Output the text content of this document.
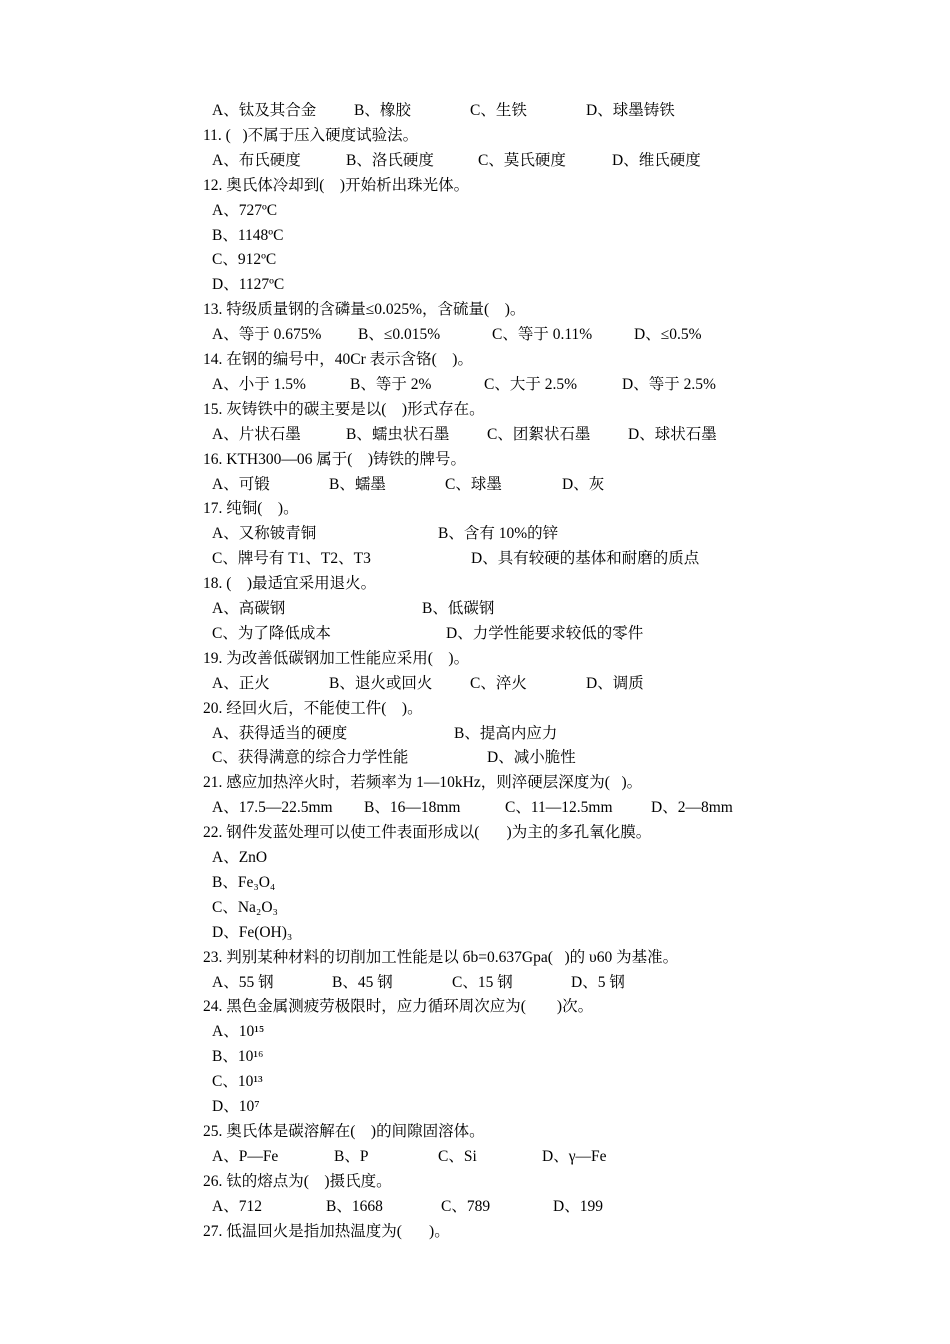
A、钛及其合金 B、橡胶	C、生铁	D、球墨铸铁
11. (   )不属于压入硬度试验法。
A、布氏硬度	B、洛氏硬度	C、莫氏硬度	D、维氏硬度
12. 奥氏体冷却到(    )开始析出珠光体。
A、727ºC
B、1148ºC
C、912ºC
D、1127ºC
13. 特级质量钢的含磷量≤0.025%，含硫量(    )。
A、等于 0.675% B、≤0.015%	C、等于 0.11%	D、≤0.5%
14. 在钢的编号中，40Cr 表示含铬(    )。
A、小于 1.5%	B、等于 2%	C、大于 2.5%	D、等于 2.5%
15. 灰铸铁中的碳主要是以(    )形式存在。
A、片状石墨	B、蠕虫状石墨 C、团絮状石墨 D、球状石墨
16. KTH300—06 属于(    )铸铁的牌号。
A、可锻	B、蠕墨	C、球墨	D、灰
17. 纯铜(    )。
A、又称铍青铜	B、含有 10%的锌
C、牌号有 T1、T2、T3	D、具有较硬的基体和耐磨的质点
18. (    )最适宜采用退火。
A、高碳钢	B、低碳钢
C、为了降低成本	D、力学性能要求较低的零件
19. 为改善低碳钢加工性能应采用(    )。
A、正火	B、退火或回火 C、淬火	D、调质
20. 经回火后，不能使工件(    )。
A、获得适当的硬度	B、提高内应力
C、获得满意的综合力学性能	D、减小脆性
21. 感应加热淬火时，若频率为 1—10kHz，则淬硬层深度为(   )。
A、17.5—22.5mm B、16—18mm	C、11—12.5mm D、2—8mm
22. 钢件发蓝处理可以使工件表面形成以(       )为主的多孔氧化膜。
A、ZnO
B、Fe₃O₄
C、Na₂O₃
D、Fe(OH)₃
23. 判别某种材料的切削加工性能是以 бb=0.637Gpa(   )的 υ60 为基准。
A、55 钢	B、45 钢	C、15 钢	D、5 钢
24. 黑色金属测疲劳极限时，应力循环周次应为(        )次。
A、10¹⁵
B、10¹⁶
C、10¹³
D、10⁷
25. 奥氏体是碳溶解在(    )的间隙固溶体。
A、P—Fe	B、P	C、Si	D、γ—Fe
26. 钛的熔点为(    )摄氏度。
A、712	B、1668	C、789	D、199
27. 低温回火是指加热温度为(       )。
